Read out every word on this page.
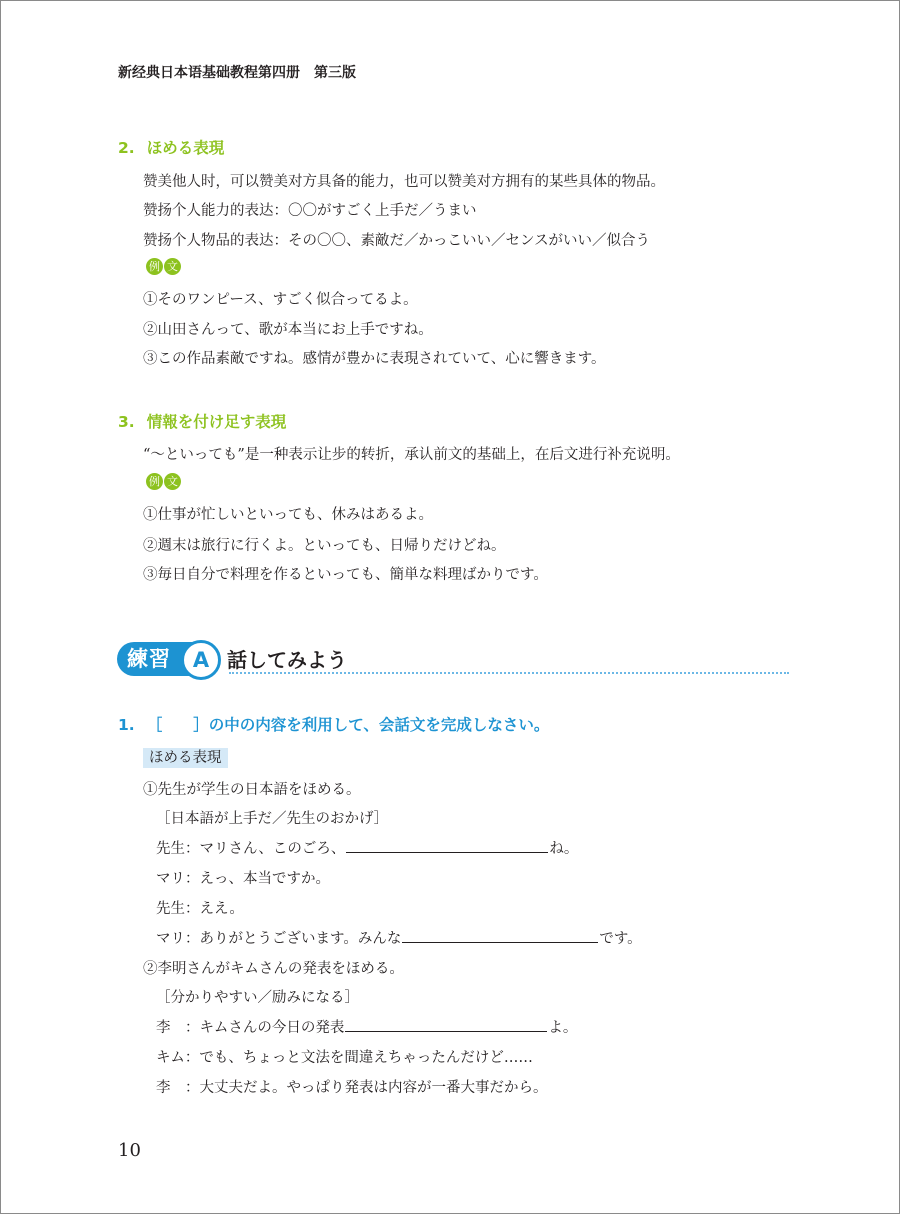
新经典日本语基础教程第四册　第三版
2. ほめる表現
赞美他人时，可以赞美对方具备的能力，也可以赞美对方拥有的某些具体的物品。
赞扬个人能力的表达：〇〇がすごく上手だ／うまい
赞扬个人物品的表达：その〇〇、素敵だ／かっこいい／センスがいい／似合う
例 文
①そのワンピース、すごく似合ってるよ。
②山田さんって、歌が本当にお上手ですね。
③この作品素敵ですね。感情が豊かに表現されていて、心に響きます。
3. 情報を付け足す表現
“～といっても”是一种表示让步的转折，承认前文的基础上，在后文进行补充说明。
例 文
①仕事が忙しいといっても、休みはあるよ。
②週末は旅行に行くよ。といっても、日帰りだけどね。
③毎日自分で料理を作るといっても、簡単な料理ばかりです。
練習	A 話してみよう
1. ［　　］の中の内容を利用して、会話文を完成しなさい。
ほめる表現
①先生が学生の日本語をほめる。
［日本語が上手だ／先生のおかげ］
先生：マリさん、このごろ、	ね。
マリ：えっ、本当ですか。
先生：ええ。
マリ：ありがとうございます。みんな	です。
②李明さんがキムさんの発表をほめる。
［分かりやすい／励みになる］
李　：キムさんの今日の発表	よ。
キム：でも、ちょっと文法を間違えちゃったんだけど……
李　：大丈夫だよ。やっぱり発表は内容が一番大事だから。
10
